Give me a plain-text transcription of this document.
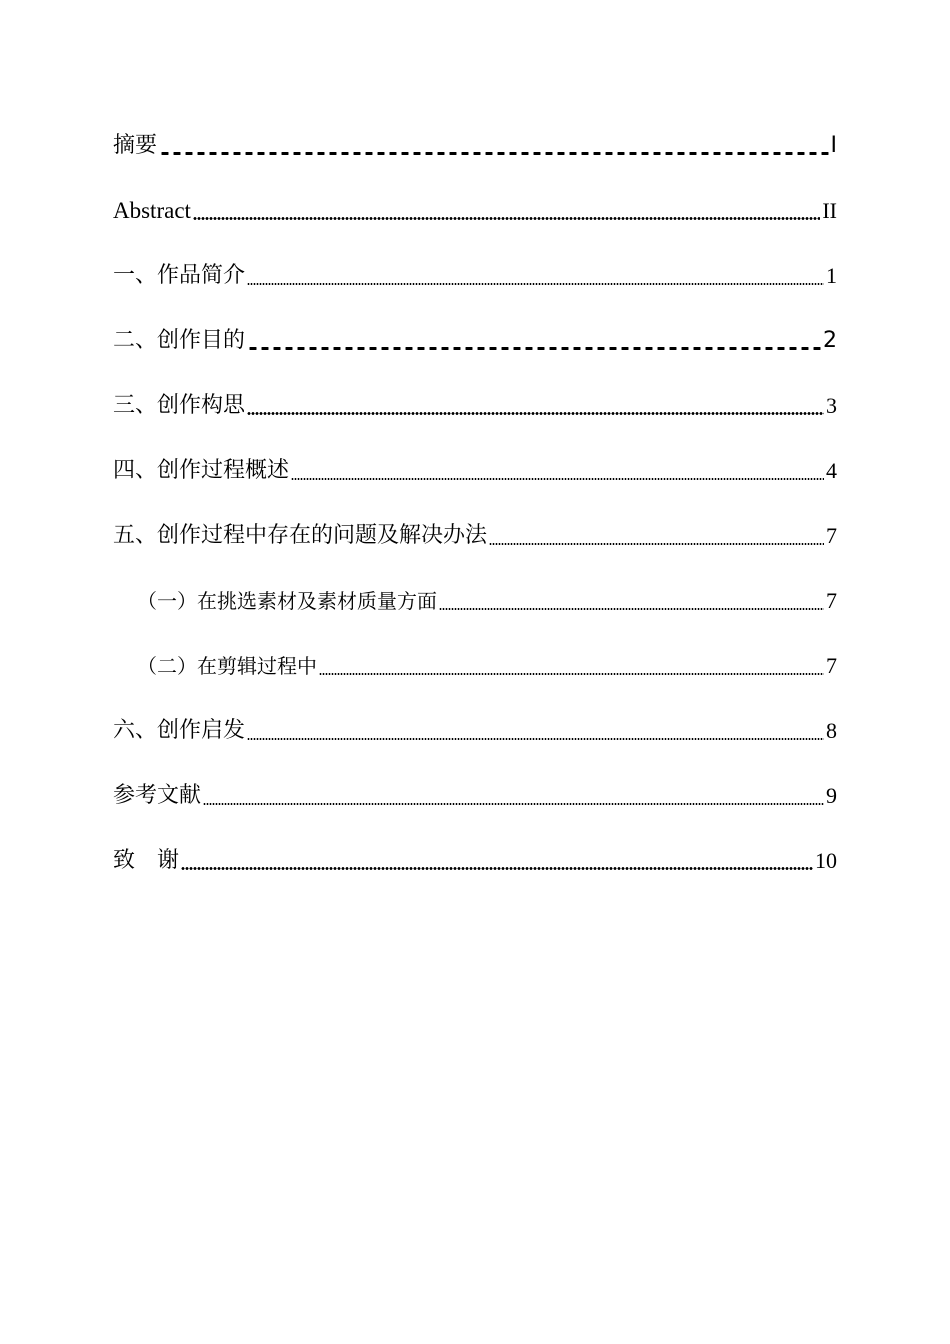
摘要	Ⅰ
Abstract	II
一、作品简介	1
二、创作目的	2
三、创作构思	3
四、创作过程概述	4
五、创作过程中存在的问题及解决办法	7
（一）在挑选素材及素材质量方面	7
（二）在剪辑过程中	7
六、创作启发	8
参考文献	9
致　谢	10
